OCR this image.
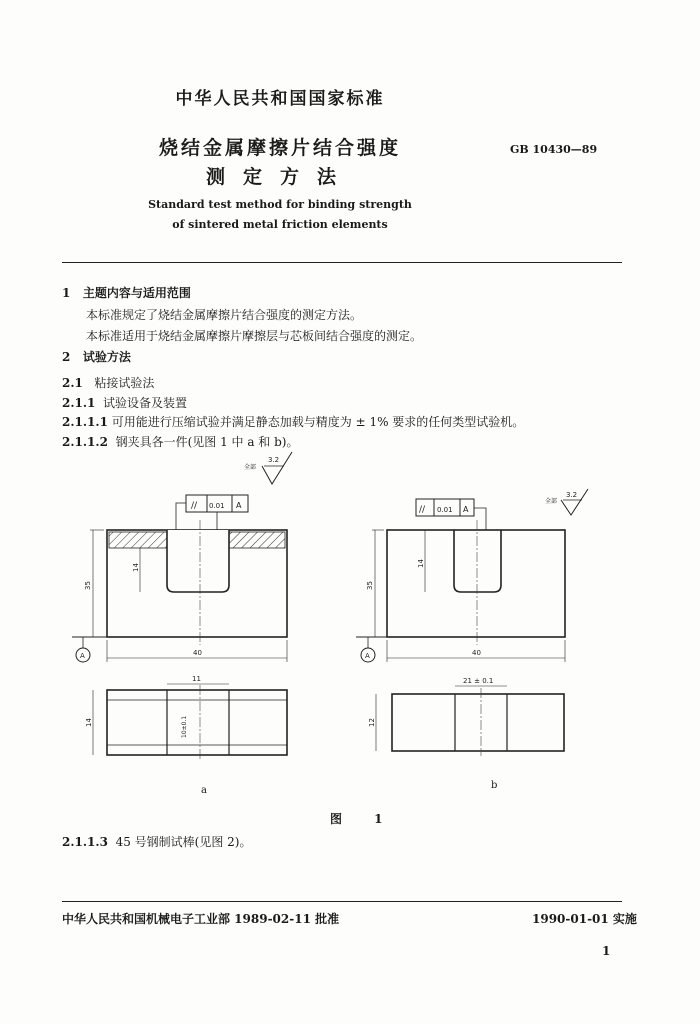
中华人民共和国国家标准
烧结金属摩擦片结合强度
测定方法
Standard test method for binding strength
of sintered metal friction elements
GB 10430—89
1 主题内容与适用范围
本标准规定了烧结金属摩擦片结合强度的测定方法。
本标准适用于烧结金属摩擦片摩擦层与芯板间结合强度的测定。
2 试验方法
2.1 粘接试验法
2.1.1 试验设备及装置
2.1.1.1 可用能进行压缩试验并满足静态加载与精度为 ± 1% 要求的任何类型试验机。
2.1.1.2 钢夹具各一件(见图 1 中 a 和 b)。
全部
3.2
// 0.01 A
35
14
40
A
11
14	10±0.1
全部
3.2
// 0.01 A
35
14
40
A
21 ± 0.1
12
a	b
图 1
2.1.1.3 45 号钢制试棒(见图 2)。
中华人民共和国机械电子工业部 1989-02-11 批准	1990-01-01 实施
1
